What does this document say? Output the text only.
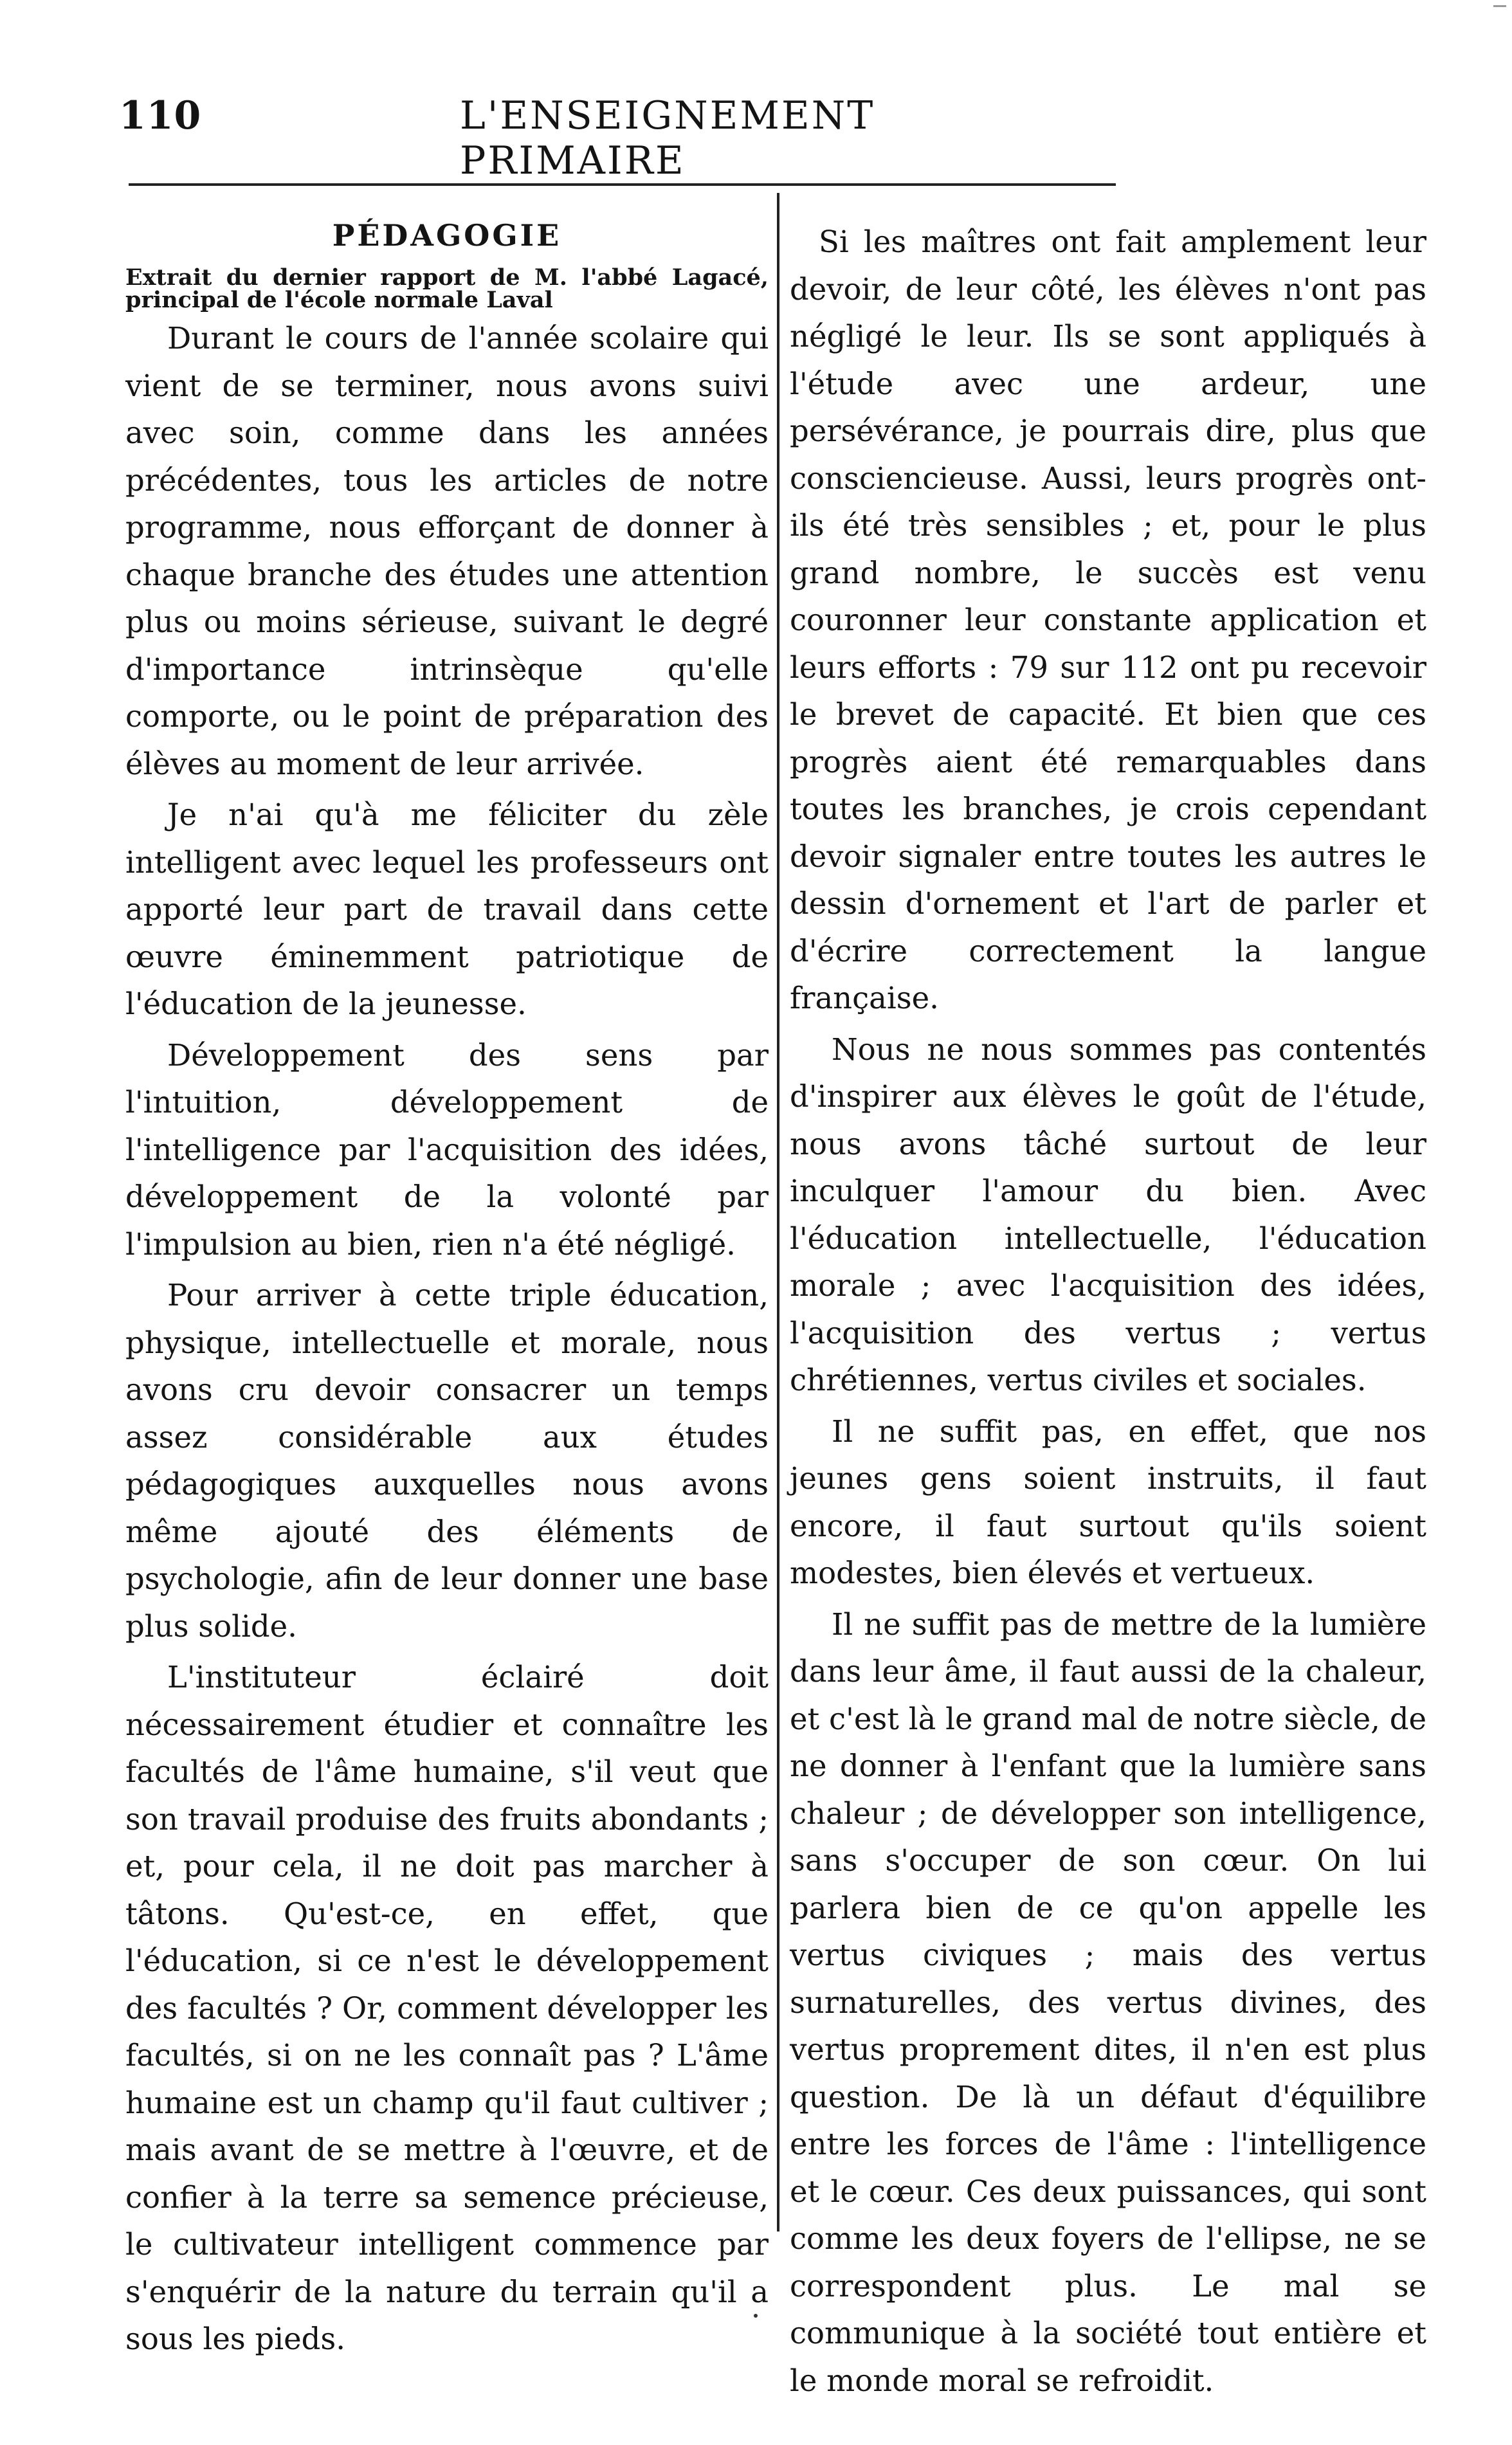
110	L'ENSEIGNEMENT PRIMAIRE
PÉDAGOGIE
Extrait du dernier rapport de M. l'abbé Lagacé, principal de l'école normale Laval

Durant le cours de l'année scolaire qui vient de se terminer, nous avons suivi avec soin, comme dans les années précédentes, tous les articles de notre programme, nous efforçant de donner à chaque branche des études une attention plus ou moins sérieuse, suivant le degré d'importance intrinsèque qu'elle comporte, ou le point de préparation des élèves au moment de leur arrivée.

Je n'ai qu'à me féliciter du zèle intelligent avec lequel les professeurs ont apporté leur part de travail dans cette œuvre éminemment patriotique de l'éducation de la jeunesse.

Développement des sens par l'intuition, développement de l'intelligence par l'acquisition des idées, développement de la volonté par l'impulsion au bien, rien n'a été négligé.

Pour arriver à cette triple éducation, physique, intellectuelle et morale, nous avons cru devoir consacrer un temps assez considérable aux études pédagogiques auxquelles nous avons même ajouté des éléments de psychologie, afin de leur donner une base plus solide.

L'instituteur éclairé doit nécessairement étudier et connaître les facultés de l'âme humaine, s'il veut que son travail produise des fruits abondants ; et, pour cela, il ne doit pas marcher à tâtons. Qu'est-ce, en effet, que l'éducation, si ce n'est le développement des facultés ? Or, comment développer les facultés, si on ne les connaît pas ? L'âme humaine est un champ qu'il faut cultiver ; mais avant de se mettre à l'œuvre, et de confier à la terre sa semence précieuse, le cultivateur intelligent commence par s'enquérir de la nature du terrain qu'il a sous les pieds.

Si les maîtres ont fait amplement leur devoir, de leur côté, les élèves n'ont pas négligé le leur. Ils se sont appliqués à l'étude avec une ardeur, une persévérance, je pourrais dire, plus que consciencieuse. Aussi, leurs progrès ont-ils été très sensibles ; et, pour le plus grand nombre, le succès est venu couronner leur constante application et leurs efforts : 79 sur 112 ont pu recevoir le brevet de capacité. Et bien que ces progrès aient été remarquables dans toutes les branches, je crois cependant devoir signaler entre toutes les autres le dessin d'ornement et l'art de parler et d'écrire correctement la langue française.

Nous ne nous sommes pas contentés d'inspirer aux élèves le goût de l'étude, nous avons tâché surtout de leur inculquer l'amour du bien. Avec l'éducation intellectuelle, l'éducation morale ; avec l'acquisition des idées, l'acquisition des vertus ; vertus chrétiennes, vertus civiles et sociales.

Il ne suffit pas, en effet, que nos jeunes gens soient instruits, il faut encore, il faut surtout qu'ils soient modestes, bien élevés et vertueux.

Il ne suffit pas de mettre de la lumière dans leur âme, il faut aussi de la chaleur, et c'est là le grand mal de notre siècle, de ne donner à l'enfant que la lumière sans chaleur ; de développer son intelligence, sans s'occuper de son cœur. On lui parlera bien de ce qu'on appelle les vertus civiques ; mais des vertus surnaturelles, des vertus divines, des vertus proprement dites, il n'en est plus question. De là un défaut d'équilibre entre les forces de l'âme : l'intelligence et le cœur. Ces deux puissances, qui sont comme les deux foyers de l'ellipse, ne se correspondent plus. Le mal se communique à la société tout entière et le monde moral se refroidit.
